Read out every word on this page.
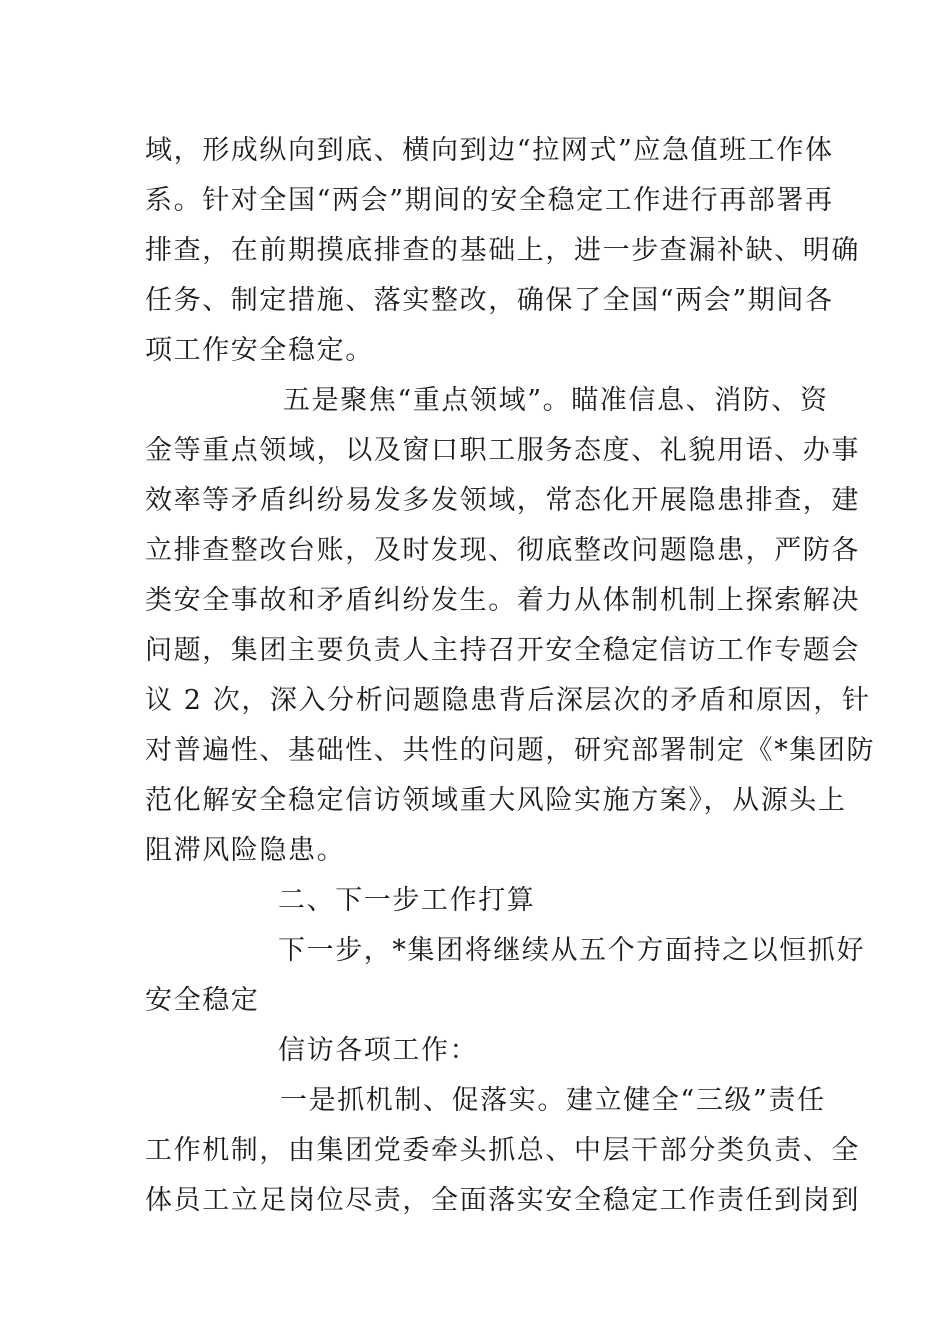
域，形成纵向到底、横向到边“拉网式”应急值班工作体
系。针对全国“两会”期间的安全稳定工作进行再部署再
排查，在前期摸底排查的基础上，进一步查漏补缺、明确
任务、制定措施、落实整改，确保了全国“两会”期间各
项工作安全稳定。
五是聚焦“重点领域”。瞄准信息、消防、资
金等重点领域，以及窗口职工服务态度、礼貌用语、办事
效率等矛盾纠纷易发多发领域，常态化开展隐患排查，建
立排查整改台账，及时发现、彻底整改问题隐患，严防各
类安全事故和矛盾纠纷发生。着力从体制机制上探索解决
问题，集团主要负责人主持召开安全稳定信访工作专题会
议 2 次，深入分析问题隐患背后深层次的矛盾和原因，针
对普遍性、基础性、共性的问题，研究部署制定《*集团防
范化解安全稳定信访领域重大风险实施方案》，从源头上
阻滞风险隐患。
二、下一步工作打算
下一步，*集团将继续从五个方面持之以恒抓好
安全稳定
信访各项工作：
一是抓机制、促落实。建立健全“三级”责任
工作机制，由集团党委牵头抓总、中层干部分类负责、全
体员工立足岗位尽责，全面落实安全稳定工作责任到岗到
